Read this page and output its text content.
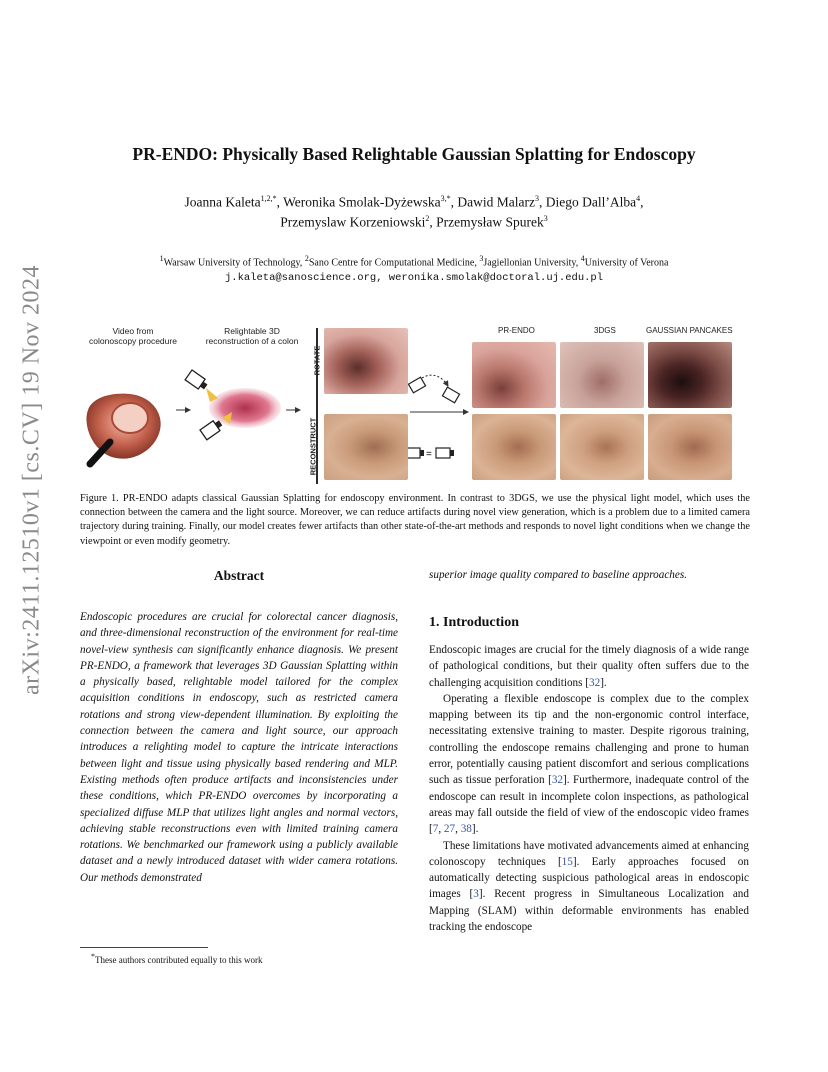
arXiv:2411.12510v1 [cs.CV] 19 Nov 2024
PR-ENDO: Physically Based Relightable Gaussian Splatting for Endoscopy
Joanna Kaleta$^{1,2,*}$, Weronika Smolak-Dyżewska$^{3,*}$, Dawid Malarz$^3$, Diego Dall’Alba$^4$,
Przemyslaw Korzeniowski$^2$, Przemysław Spurek$^3$
$^1$Warsaw University of Technology, $^2$Sano Centre for Computational Medicine, $^3$Jagiellonian University, $^4$University of Verona
j.kaleta@sanoscience.org, weronika.smolak@doctoral.uj.edu.pl
Video from
colonoscopy procedure
Relightable 3D
reconstruction of a colon
=
ROTATE
RECONSTRUCT
PR-ENDO	3DGS	GAUSSIAN PANCAKES
Figure 1. PR-ENDO adapts classical Gaussian Splatting for endoscopy environment. In contrast to 3DGS, we use the physical light model, which uses the connection between the camera and the light source. Moreover, we can reduce artifacts during novel view generation, which is a problem due to a limited camera trajectory during training. Finally, our model creates fewer artifacts than other state-of-the-art methods and responds to novel light conditions when we change the viewpoint or even modify geometry.
Abstract
Endoscopic procedures are crucial for colorectal cancer diagnosis, and three-dimensional reconstruction of the environment for real-time novel-view synthesis can significantly enhance diagnosis. We present PR-ENDO, a framework that leverages 3D Gaussian Splatting within a physically based, relightable model tailored for the complex acquisition conditions in endoscopy, such as restricted camera rotations and strong view-dependent illumination. By exploiting the connection between the camera and light source, our approach introduces a relighting model to capture the intricate interactions between light and tissue using physically based rendering and MLP. Existing methods often produce artifacts and inconsistencies under these conditions, which PR-ENDO overcomes by incorporating a specialized diffuse MLP that utilizes light angles and normal vectors, achieving stable reconstructions even with limited training camera rotations. We benchmarked our framework using a publicly available dataset and a newly introduced dataset with wider camera rotations. Our methods demonstrated
superior image quality compared to baseline approaches.
1. Introduction

Endoscopic images are crucial for the timely diagnosis of a wide range of pathological conditions, but their quality often suffers due to the challenging acquisition conditions [32].

Operating a flexible endoscope is complex due to the complex mapping between its tip and the non-ergonomic control interface, necessitating extensive training to master. Despite rigorous training, controlling the endoscope remains challenging and prone to human error, potentially causing patient discomfort and serious complications such as tissue perforation [32]. Furthermore, inadequate control of the endoscope can result in incomplete colon inspections, as pathological areas may fall outside the field of view of the endoscopic video frames [7, 27, 38].

These limitations have motivated advancements aimed at enhancing colonoscopy techniques [15]. Early approaches focused on automatically detecting suspicious pathological areas in endoscopic images [3]. Recent progress in Simultaneous Localization and Mapping (SLAM) within deformable environments has enabled tracking the endoscope

*These authors contributed equally to this work
